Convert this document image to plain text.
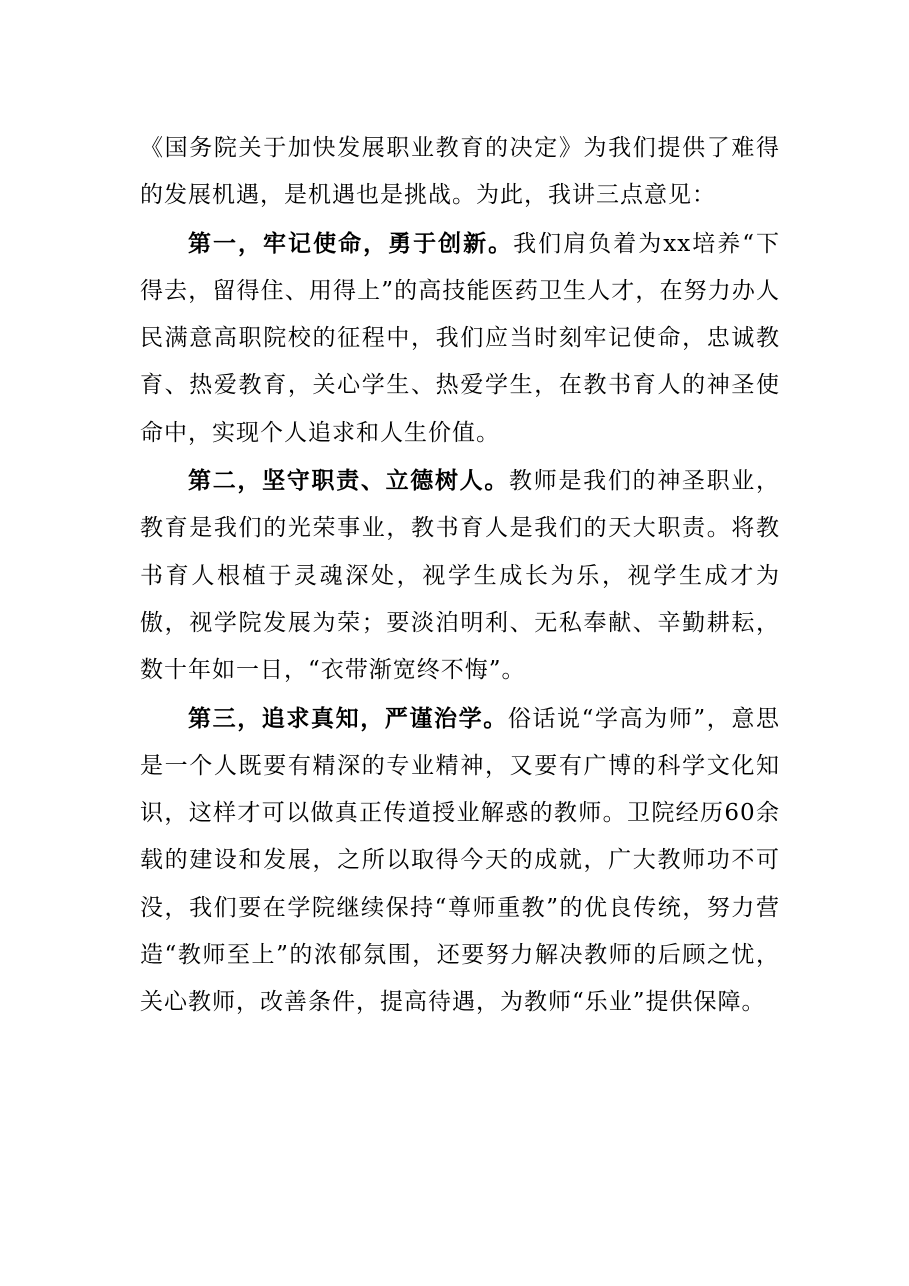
《国务院关于加快发展职业教育的决定》为我们提供了难得的发展机遇，是机遇也是挑战。为此，我讲三点意见：

第一，牢记使命，勇于创新。我们肩负着为xx培养“下得去，留得住、用得上”的高技能医药卫生人才，在努力办人民满意高职院校的征程中，我们应当时刻牢记使命，忠诚教育、热爱教育，关心学生、热爱学生，在教书育人的神圣使命中，实现个人追求和人生价值。

第二，坚守职责、立德树人。教师是我们的神圣职业，教育是我们的光荣事业，教书育人是我们的天大职责。将教书育人根植于灵魂深处，视学生成长为乐，视学生成才为傲，视学院发展为荣；要淡泊明利、无私奉献、辛勤耕耘，数十年如一日，“衣带渐宽终不悔”。

第三，追求真知，严谨治学。俗话说“学高为师”，意思是一个人既要有精深的专业精神，又要有广博的科学文化知识，这样才可以做真正传道授业解惑的教师。卫院经历60余载的建设和发展，之所以取得今天的成就，广大教师功不可没，我们要在学院继续保持“尊师重教”的优良传统，努力营造“教师至上”的浓郁氛围，还要努力解决教师的后顾之忧，关心教师，改善条件，提高待遇，为教师“乐业”提供保障。
